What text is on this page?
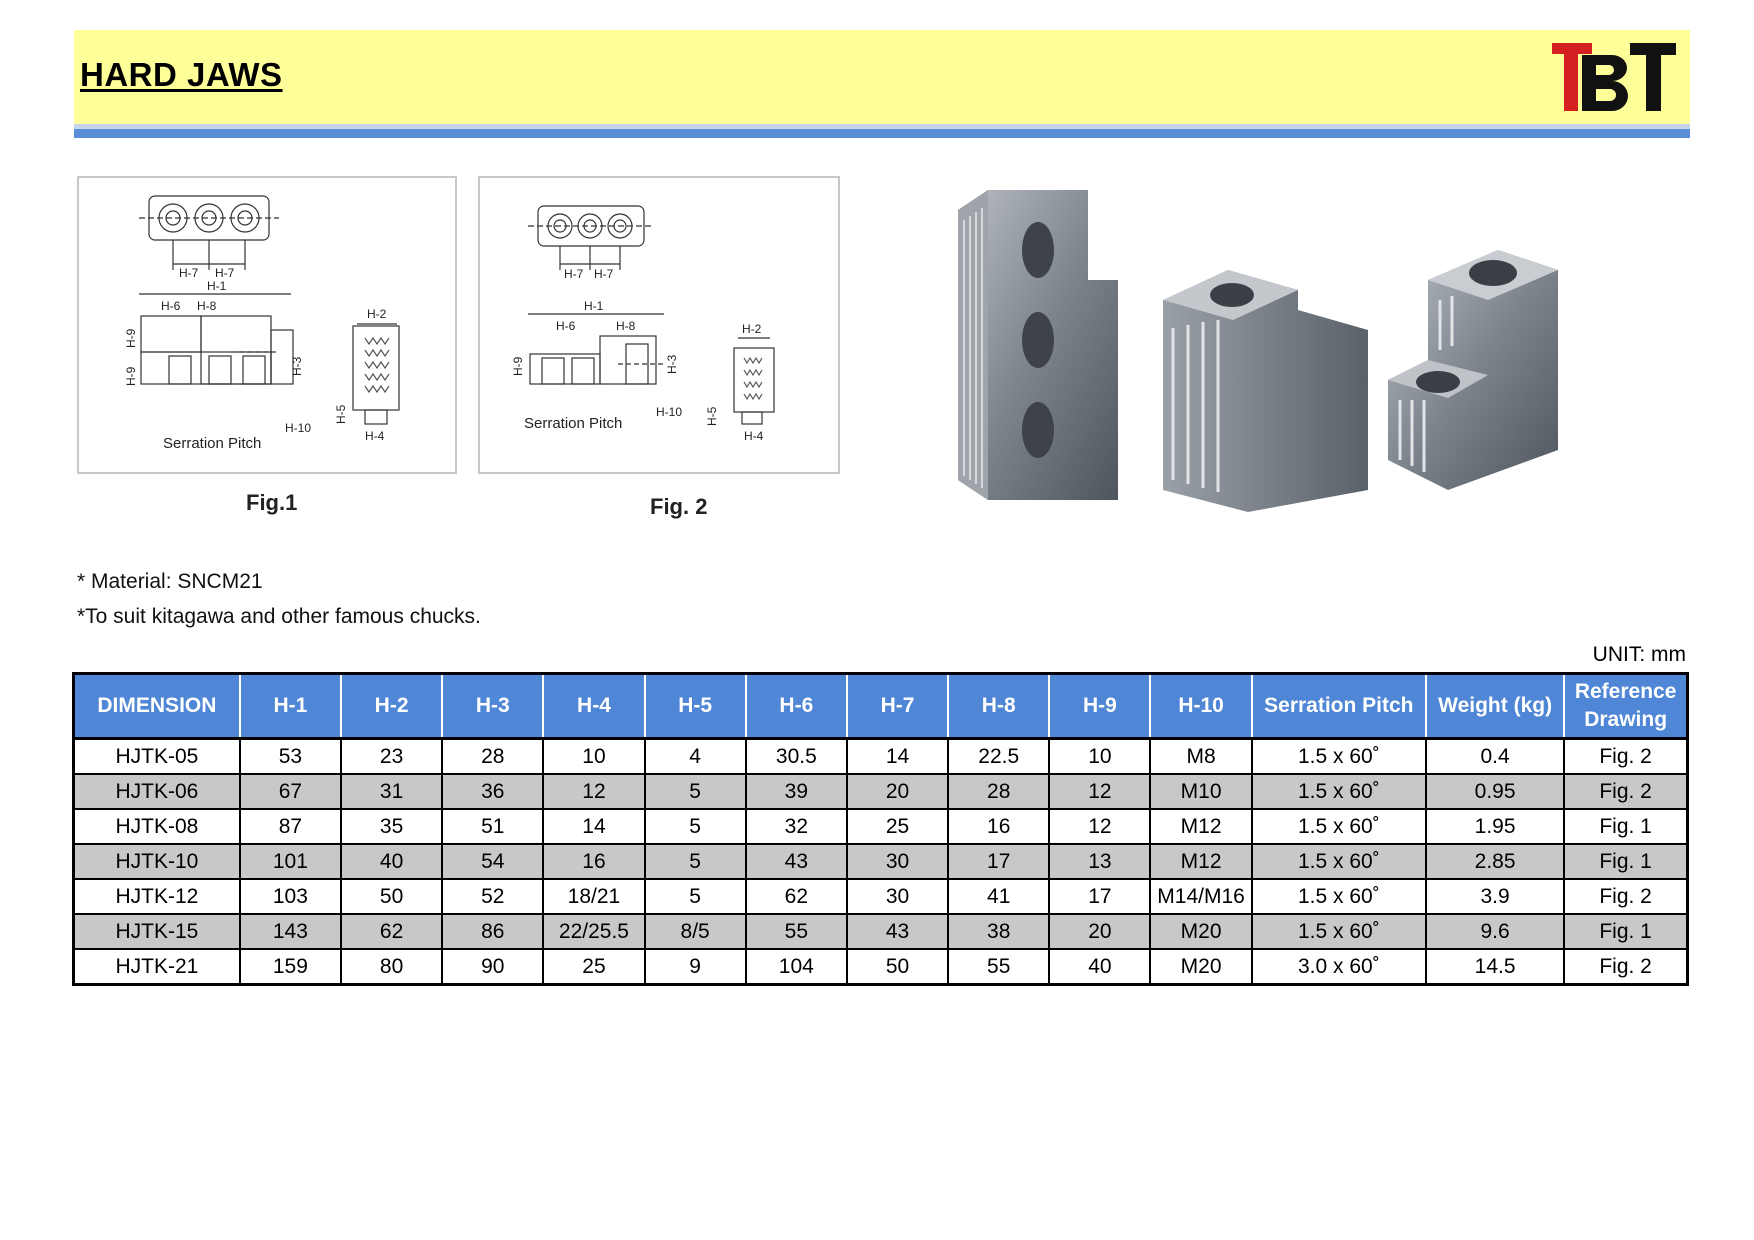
HARD JAWS
H-7 H-7
H-1
H-6 H-8
H-9
H-9
H-3
H-10
Serration Pitch
H-2
H-5
H-4
Fig.1
H-7 H-7
H-1
H-6	H-8
H-9	H-3
H-10
Serration Pitch
H-2
H-5
H-4
Fig. 2
* Material: SNCM21
*To suit kitagawa and other famous chucks.
UNIT: mm
DIMENSION	H-1	H-2	H-3	H-4	H-5	H-6	H-7	H-8	H-9	H-10	Serration Pitch	Weight (kg)	Reference Drawing
HJTK-05	53	23	28	10	4	30.5	14	22.5	10	M8	1.5 x 60˚	0.4	Fig. 2
HJTK-06	67	31	36	12	5	39	20	28	12	M10	1.5 x 60˚	0.95	Fig. 2
HJTK-08	87	35	51	14	5	32	25	16	12	M12	1.5 x 60˚	1.95	Fig. 1
HJTK-10	101	40	54	16	5	43	30	17	13	M12	1.5 x 60˚	2.85	Fig. 1
HJTK-12	103	50	52	18/21	5	62	30	41	17	M14/M16	1.5 x 60˚	3.9	Fig. 2
HJTK-15	143	62	86	22/25.5	8/5	55	43	38	20	M20	1.5 x 60˚	9.6	Fig. 1
HJTK-21	159	80	90	25	9	104	50	55	40	M20	3.0 x 60˚	14.5	Fig. 2
